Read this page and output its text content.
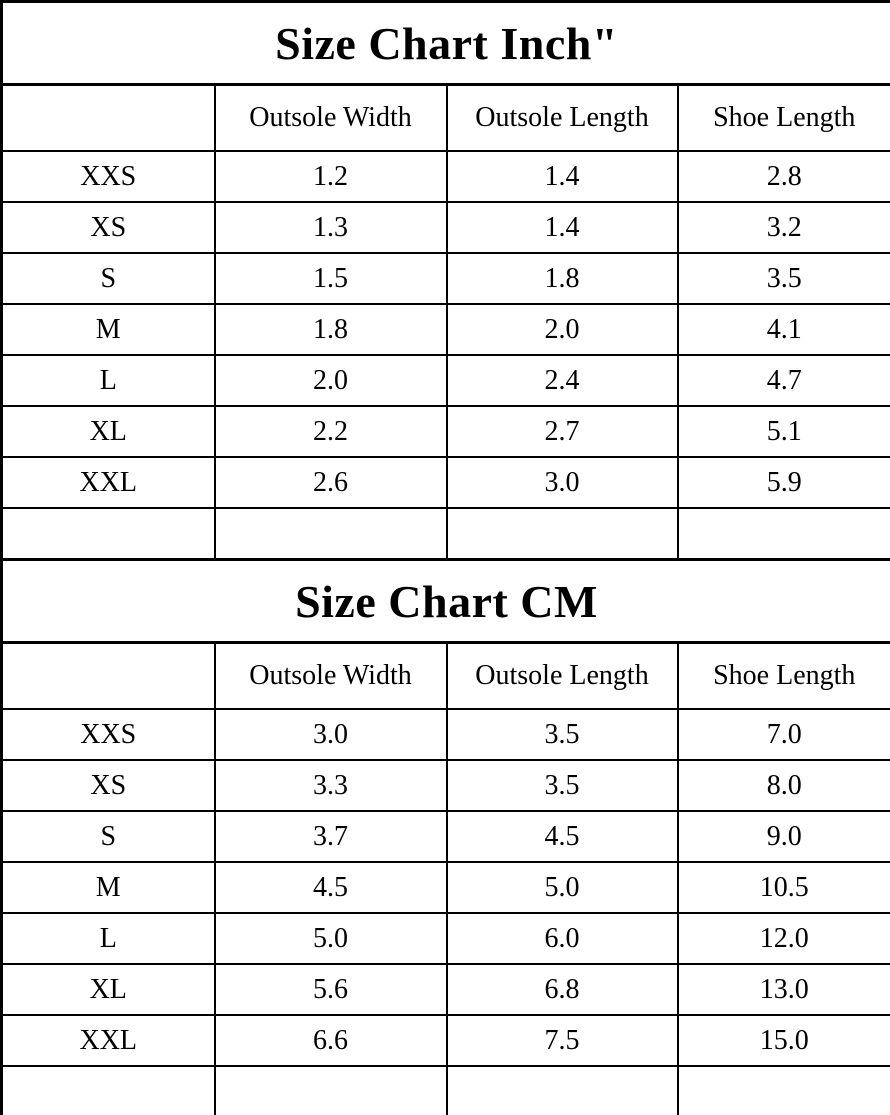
Size Chart Inch"			
	Outsole Width	Outsole Length	Shoe Length
XXS	1.2	1.4	2.8
XS	1.3	1.4	3.2
S	1.5	1.8	3.5
M	1.8	2.0	4.1
L	2.0	2.4	4.7
XL	2.2	2.7	5.1
XXL	2.6	3.0	5.9

Size Chart CM			
	Outsole Width	Outsole Length	Shoe Length
XXS	3.0	3.5	7.0
XS	3.3	3.5	8.0
S	3.7	4.5	9.0
M	4.5	5.0	10.5
L	5.0	6.0	12.0
XL	5.6	6.8	13.0
XXL	6.6	7.5	15.0
